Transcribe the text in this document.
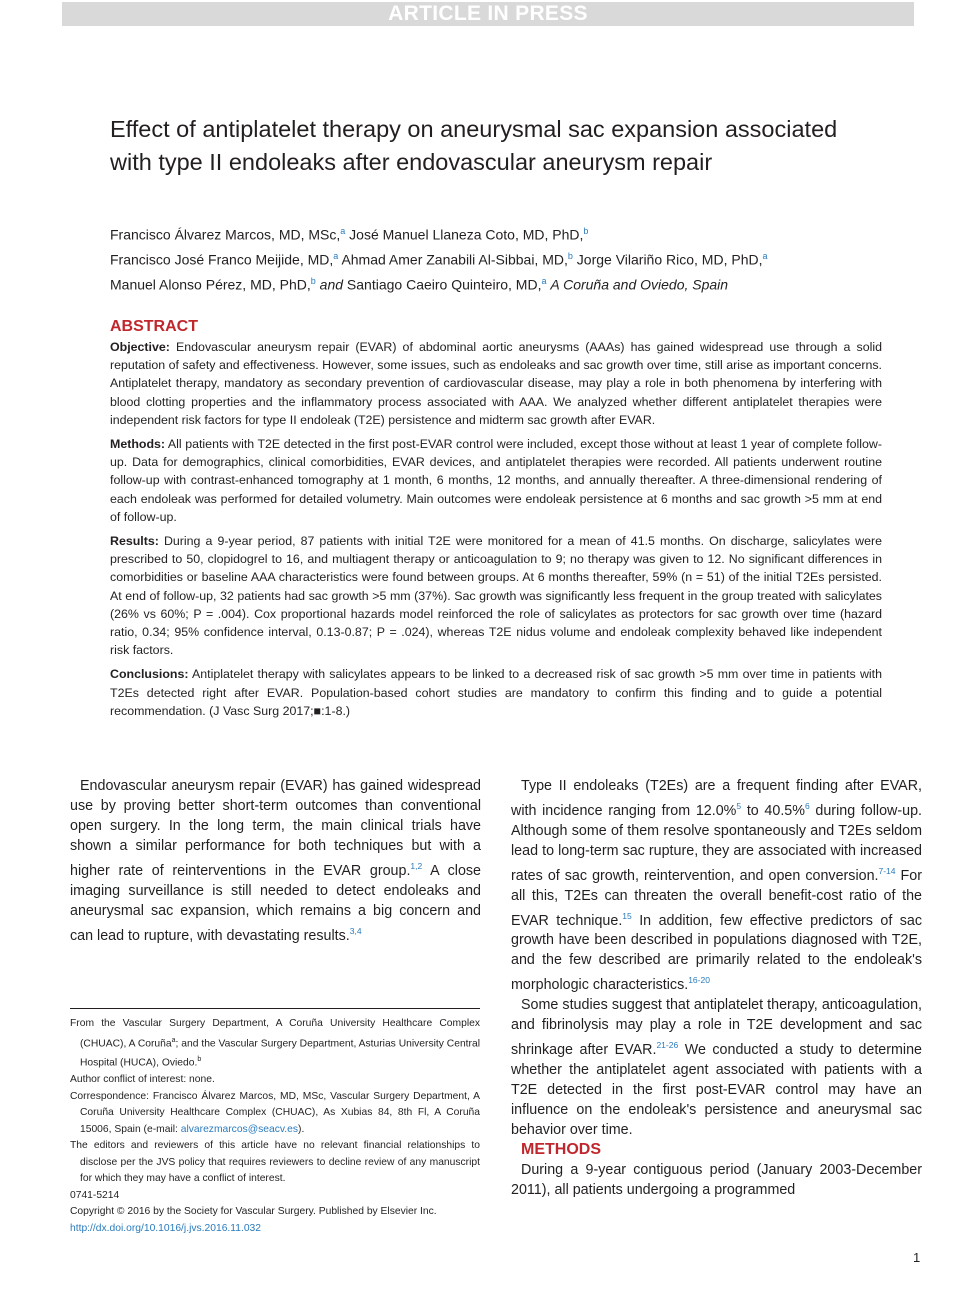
ARTICLE IN PRESS
Effect of antiplatelet therapy on aneurysmal sac expansion associated with type II endoleaks after endovascular aneurysm repair
Francisco Álvarez Marcos, MD, MSc,$^a$ José Manuel Llaneza Coto, MD, PhD,$^b$
Francisco José Franco Meijide, MD,$^a$ Ahmad Amer Zanabili Al-Sibbai, MD,$^b$ Jorge Vilariño Rico, MD, PhD,$^a$
Manuel Alonso Pérez, MD, PhD,$^b$ and Santiago Caeiro Quinteiro, MD,$^a$ A Coruña and Oviedo, Spain
ABSTRACT

Objective: Endovascular aneurysm repair (EVAR) of abdominal aortic aneurysms (AAAs) has gained widespread use through a solid reputation of safety and effectiveness. However, some issues, such as endoleaks and sac growth over time, still arise as important concerns. Antiplatelet therapy, mandatory as secondary prevention of cardiovascular disease, may play a role in both phenomena by interfering with blood clotting properties and the inflammatory process associated with AAA. We analyzed whether different antiplatelet therapies were independent risk factors for type II endoleak (T2E) persistence and midterm sac growth after EVAR.

Methods: All patients with T2E detected in the first post-EVAR control were included, except those without at least 1 year of complete follow-up. Data for demographics, clinical comorbidities, EVAR devices, and antiplatelet therapies were recorded. All patients underwent routine follow-up with contrast-enhanced tomography at 1 month, 6 months, 12 months, and annually thereafter. A three-dimensional rendering of each endoleak was performed for detailed volumetry. Main outcomes were endoleak persistence at 6 months and sac growth >5 mm at end of follow-up.

Results: During a 9-year period, 87 patients with initial T2E were monitored for a mean of 41.5 months. On discharge, salicylates were prescribed to 50, clopidogrel to 16, and multiagent therapy or anticoagulation to 9; no therapy was given to 12. No significant differences in comorbidities or baseline AAA characteristics were found between groups. At 6 months thereafter, 59% (n = 51) of the initial T2Es persisted. At end of follow-up, 32 patients had sac growth >5 mm (37%). Sac growth was significantly less frequent in the group treated with salicylates (26% vs 60%; P = .004). Cox proportional hazards model reinforced the role of salicylates as protectors for sac growth over time (hazard ratio, 0.34; 95% confidence interval, 0.13-0.87; P = .024), whereas T2E nidus volume and endoleak complexity behaved like independent risk factors.

Conclusions: Antiplatelet therapy with salicylates appears to be linked to a decreased risk of sac growth >5 mm over time in patients with T2Es detected right after EVAR. Population-based cohort studies are mandatory to confirm this finding and to guide a potential recommendation. (J Vasc Surg 2017;■:1-8.)

Endovascular aneurysm repair (EVAR) has gained widespread use by proving better short-term outcomes than conventional open surgery. In the long term, the main clinical trials have shown a similar performance for both techniques but with a higher rate of reinterventions in the EVAR group.$^{1,2}$ A close imaging surveillance is still needed to detect endoleaks and aneurysmal sac expansion, which remains a big concern and can lead to rupture, with devastating results.$^{3,4}$

Type II endoleaks (T2Es) are a frequent finding after EVAR, with incidence ranging from 12.0%$^5$ to 40.5%$^6$ during follow-up. Although some of them resolve spontaneously and T2Es seldom lead to long-term sac rupture, they are associated with increased rates of sac growth, reintervention, and open conversion.$^{7-14}$ For all this, T2Es can threaten the overall benefit-cost ratio of the EVAR technique.$^{15}$ In addition, few effective predictors of sac growth have been described in populations diagnosed with T2E, and the few described are primarily related to the endoleak's morphologic characteristics.$^{16-20}$

Some studies suggest that antiplatelet therapy, anticoagulation, and fibrinolysis may play a role in T2E development and sac shrinkage after EVAR.$^{21-26}$ We conducted a study to determine whether the antiplatelet agent associated with patients with a T2E detected in the first post-EVAR control may have an influence on the endoleak's persistence and aneurysmal sac behavior over time.

METHODS

During a 9-year contiguous period (January 2003-December 2011), all patients undergoing a programmed

From the Vascular Surgery Department, A Coruña University Healthcare Complex (CHUAC), A Coruña$^a$; and the Vascular Surgery Department, Asturias University Central Hospital (HUCA), Oviedo.$^b$

Author conflict of interest: none.

Correspondence: Francisco Álvarez Marcos, MD, MSc, Vascular Surgery Department, A Coruña University Healthcare Complex (CHUAC), As Xubias 84, 8th Fl, A Coruña 15006, Spain (e-mail: alvarezmarcos@seacv.es).

The editors and reviewers of this article have no relevant financial relationships to disclose per the JVS policy that requires reviewers to decline review of any manuscript for which they may have a conflict of interest.

0741-5214

Copyright © 2016 by the Society for Vascular Surgery. Published by Elsevier Inc.

http://dx.doi.org/10.1016/j.jvs.2016.11.032

1
